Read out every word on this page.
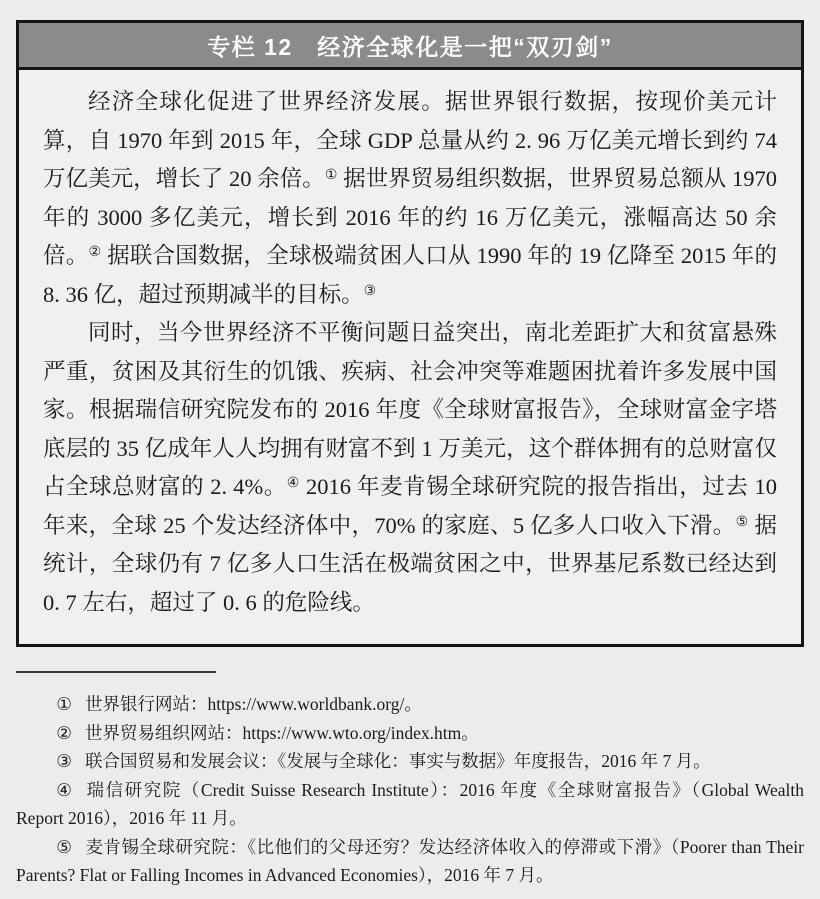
专栏 12　经济全球化是一把“双刃剑”

经济全球化促进了世界经济发展。据世界银行数据，按现价美元计算，自 1970 年到 2015 年，全球 GDP 总量从约 2. 96 万亿美元增长到约 74 万亿美元，增长了 20 余倍。① 据世界贸易组织数据，世界贸易总额从 1970 年的 3000 多亿美元，增长到 2016 年的约 16 万亿美元，涨幅高达 50 余倍。② 据联合国数据，全球极端贫困人口从 1990 年的 19 亿降至 2015 年的 8. 36 亿，超过预期减半的目标。③

同时，当今世界经济不平衡问题日益突出，南北差距扩大和贫富悬殊严重，贫困及其衍生的饥饿、疾病、社会冲突等难题困扰着许多发展中国家。根据瑞信研究院发布的 2016 年度《全球财富报告》，全球财富金字塔底层的 35 亿成年人人均拥有财富不到 1 万美元，这个群体拥有的总财富仅占全球总财富的 2. 4%。④ 2016 年麦肯锡全球研究院的报告指出，过去 10 年来，全球 25 个发达经济体中，70% 的家庭、5 亿多人口收入下滑。⑤ 据统计，全球仍有 7 亿多人口生活在极端贫困之中，世界基尼系数已经达到 0. 7 左右，超过了 0. 6 的危险线。

① 世界银行网站：https://www.worldbank.org/。

② 世界贸易组织网站：https://www.wto.org/index.htm。

③ 联合国贸易和发展会议：《发展与全球化：事实与数据》年度报告，2016 年 7 月。

④ 瑞信研究院（Credit Suisse Research Institute）：2016 年度《全球财富报告》（Global Wealth Report 2016），2016 年 11 月。

⑤ 麦肯锡全球研究院：《比他们的父母还穷？发达经济体收入的停滞或下滑》（Poorer than Their Parents? Flat or Falling Incomes in Advanced Economies），2016 年 7 月。
